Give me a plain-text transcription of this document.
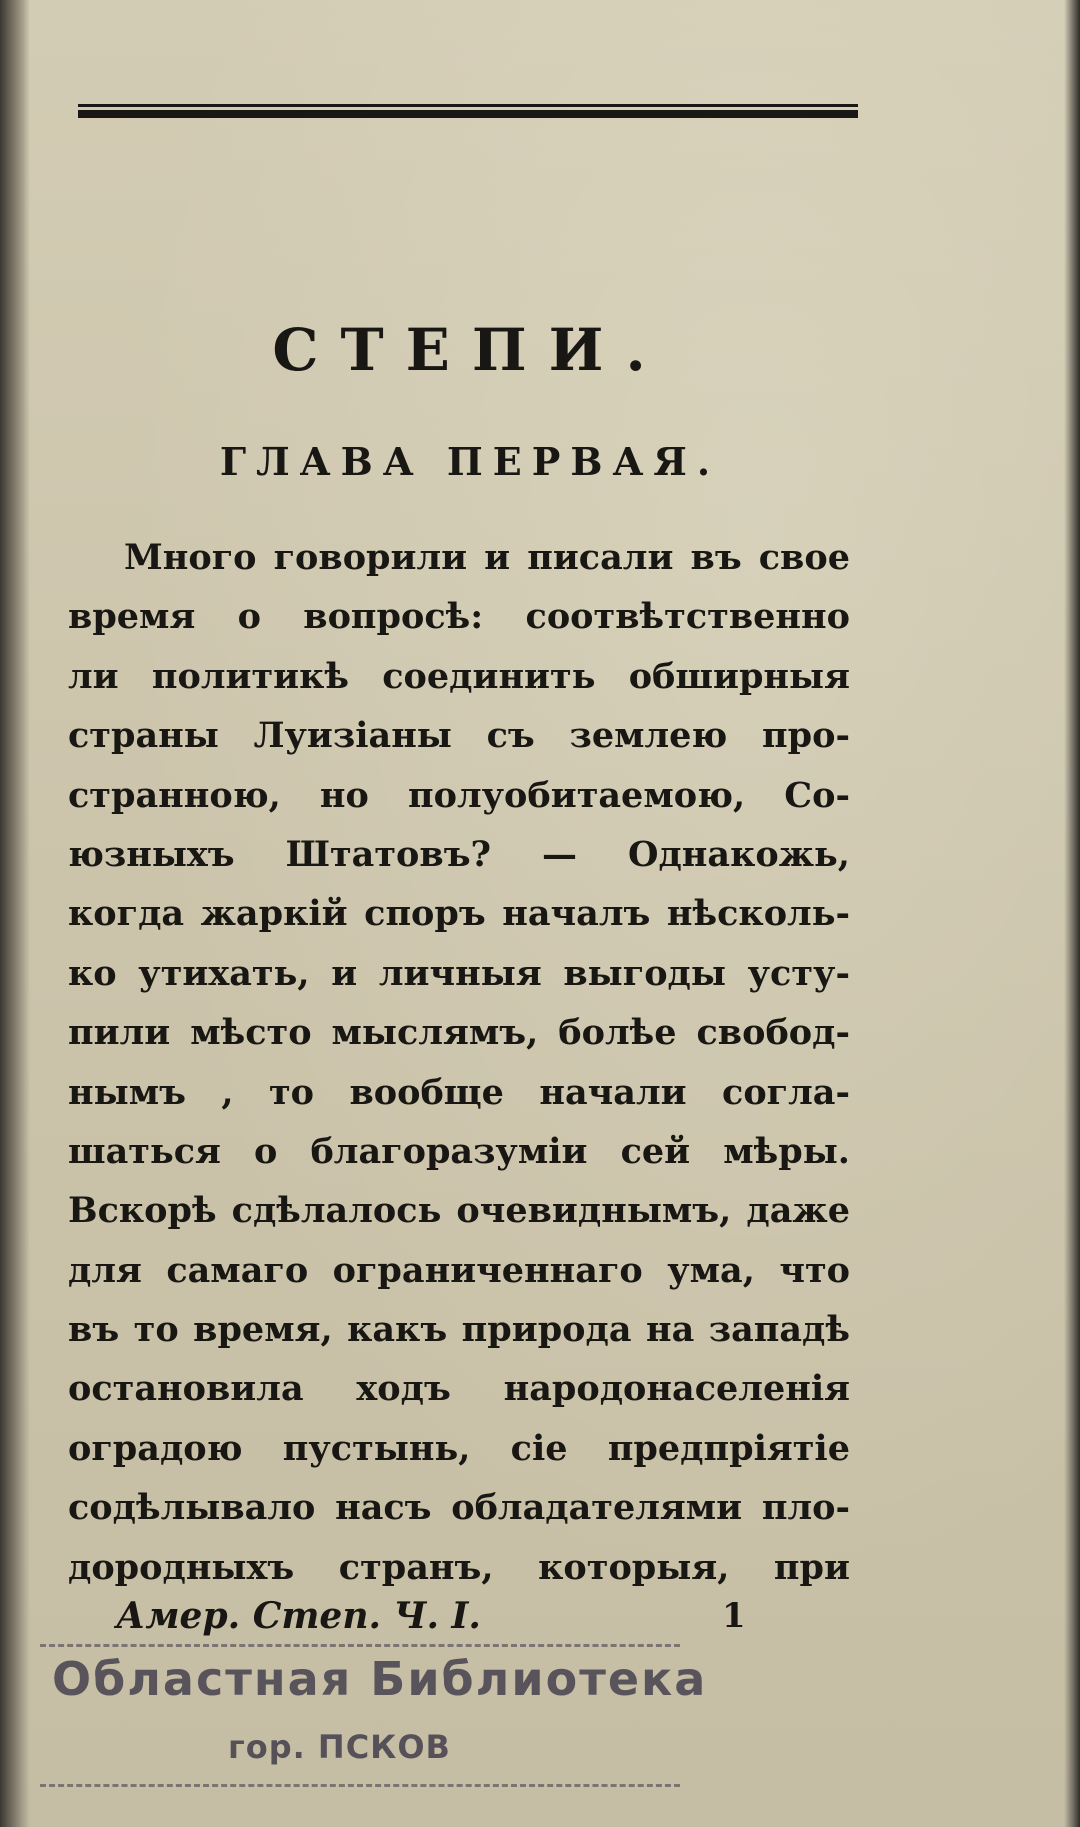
СТЕПИ.
ГЛАВА ПЕРВАЯ.
Много говорили и писали въ свое
время о вопросѣ: соотвѣтственно
ли политикѣ соединить обширныя
страны Луизiаны съ землею про-
странною, но полуобитаемою, Со-
юзныхъ Штатовъ? — Однакожь,
когда жаркiй споръ началъ нѣсколь-
ко утихать, и личныя выгоды усту-
пили мѣсто мыслямъ, болѣе свобод-
нымъ , то вообще начали согла-
шаться о благоразумiи сей мѣры.
Вскорѣ сдѣлалось очевиднымъ, даже
для самаго ограниченнаго ума, что
въ то время, какъ природа на западѣ
остановила ходъ народонаселенiя
оградою пустынь, сiе предпрiятiе
содѣлывало насъ обладателями пло-
дородныхъ странъ, которыя, при
Амер. Степ. Ч. I.	1
Областная Библиотека
гор. ПСКОВ
